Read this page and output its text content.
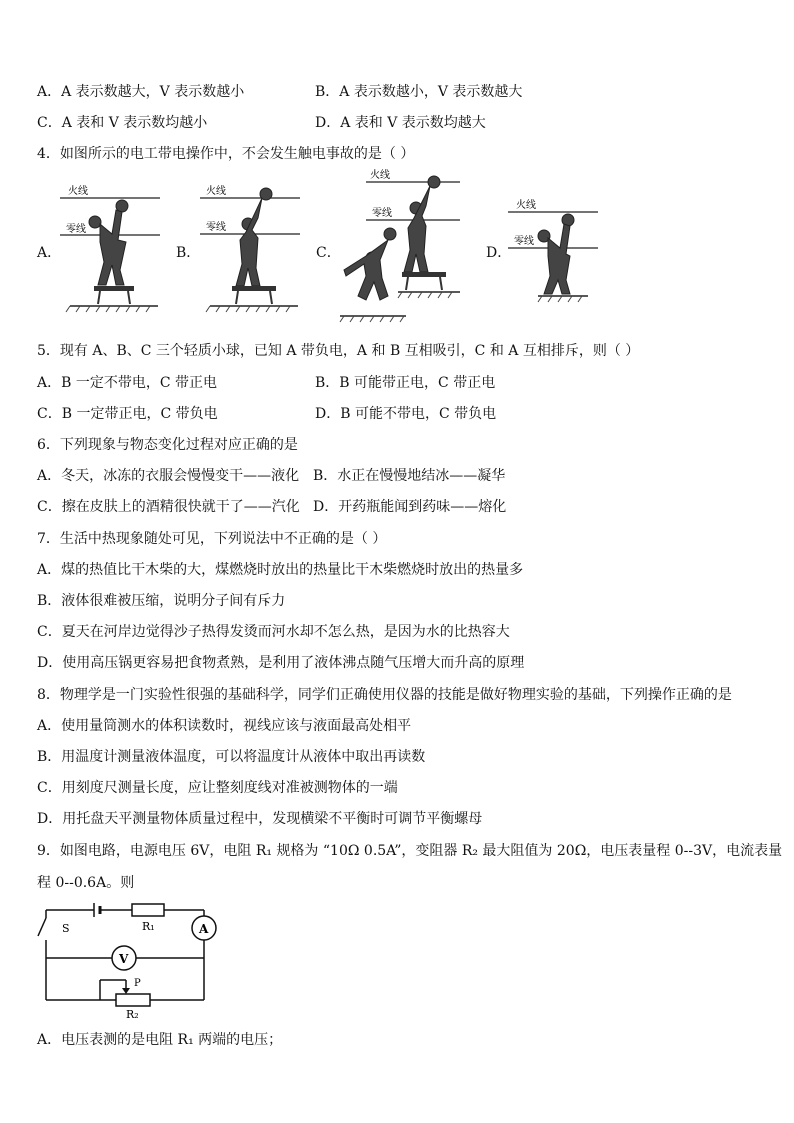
A．A 表示数越大，V 表示数越小	B．A 表示数越小，V 表示数越大
C．A 表和 V 表示数均越小	D．A 表和 V 表示数均越大
4．如图所示的电工带电操作中，不会发生触电事故的是（ ）
A．	B．	C．	D．
火线
零线
火线
零线
火线
零线
火线
零线
5．现有 A、B、C 三个轻质小球，已知 A 带负电，A 和 B 互相吸引，C 和 A 互相排斥，则（ ）
A．B 一定不带电，C 带正电	B．B 可能带正电，C 带正电
C．B 一定带正电，C 带负电	D．B 可能不带电，C 带负电
6．下列现象与物态变化过程对应正确的是
A．冬天，冰冻的衣服会慢慢变干——液化 B．水正在慢慢地结冰——凝华
C．擦在皮肤上的酒精很快就干了——汽化 D．开药瓶能闻到药味——熔化
7．生活中热现象随处可见，下列说法中不正确的是（ ）
A．煤的热值比干木柴的大，煤燃烧时放出的热量比干木柴燃烧时放出的热量多
B．液体很难被压缩，说明分子间有斥力
C．夏天在河岸边觉得沙子热得发烫而河水却不怎么热，是因为水的比热容大
D．使用高压锅更容易把食物煮熟，是利用了液体沸点随气压增大而升高的原理
8．物理学是一门实验性很强的基础科学，同学们正确使用仪器的技能是做好物理实验的基础，下列操作正确的是
A．使用量筒测水的体积读数时，视线应该与液面最高处相平
B．用温度计测量液体温度，可以将温度计从液体中取出再读数
C．用刻度尺测量长度，应让整刻度线对准被测物体的一端
D．用托盘天平测量物体质量过程中，发现横梁不平衡时可调节平衡螺母
9．如图电路，电源电压 6V，电阻 R₁ 规格为 “10Ω 0.5A”，变阻器 R₂ 最大阻值为 20Ω，电压表量程 0--3V，电流表量
程 0--0.6A。则
S	R₁	A
V
P
R₂
A．电压表测的是电阻 R₁ 两端的电压；
